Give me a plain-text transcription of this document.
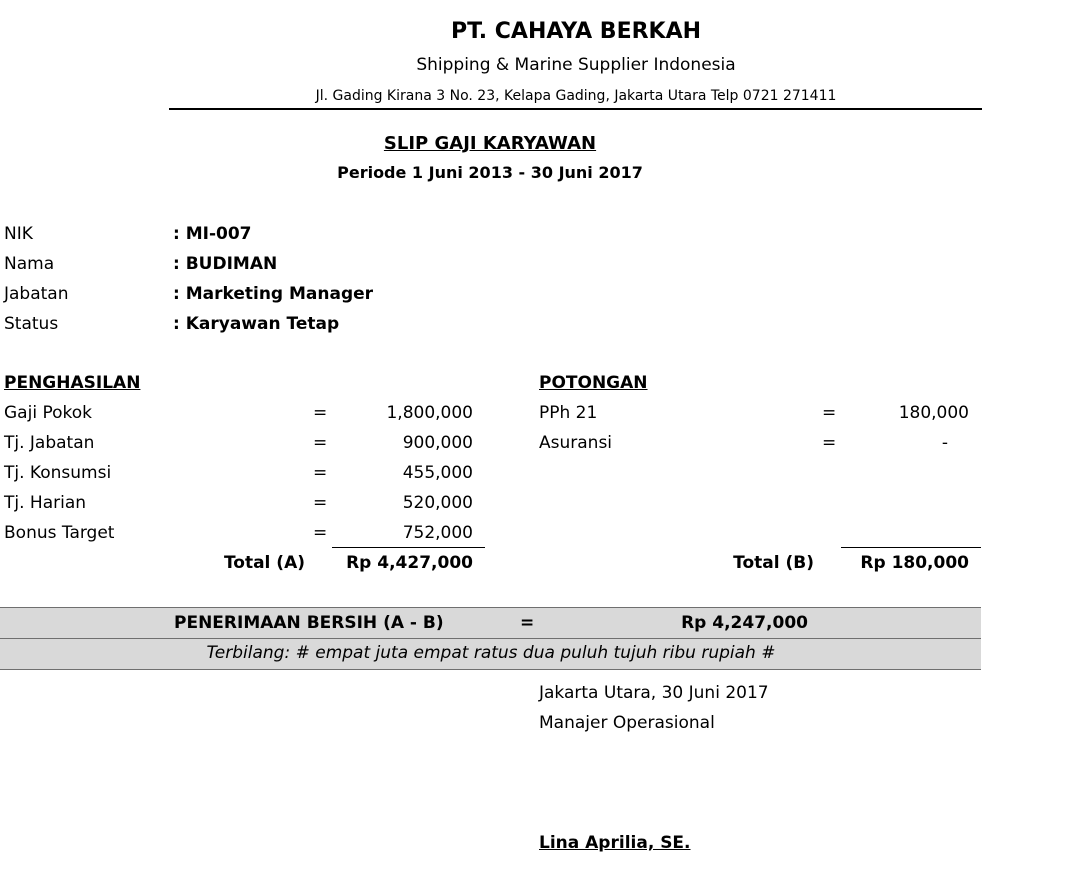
PT. CAHAYA BERKAH
Shipping & Marine Supplier Indonesia
Jl. Gading Kirana 3 No. 23, Kelapa Gading, Jakarta Utara Telp 0721 271411
SLIP GAJI KARYAWAN
Periode 1 Juni 2013 - 30 Juni 2017
NIK	: MI-007
Nama	: BUDIMAN
Jabatan	: Marketing Manager
Status	: Karyawan Tetap
PENGHASILAN
Gaji Pokok	=	1,800,000
Tj. Jabatan	=	900,000
Tj. Konsumsi	=	455,000
Tj. Harian	=	520,000
Bonus Target	=	752,000
Total (A)	Rp 4,427,000
POTONGAN
PPh 21	=	180,000
Asuransi	=	-
Total (B)	Rp 180,000
PENERIMAAN BERSIH (A - B)	=	Rp 4,247,000
Terbilang: # empat juta empat ratus dua puluh tujuh ribu rupiah #
Jakarta Utara, 30 Juni 2017
Manajer Operasional
Lina Aprilia, SE.
